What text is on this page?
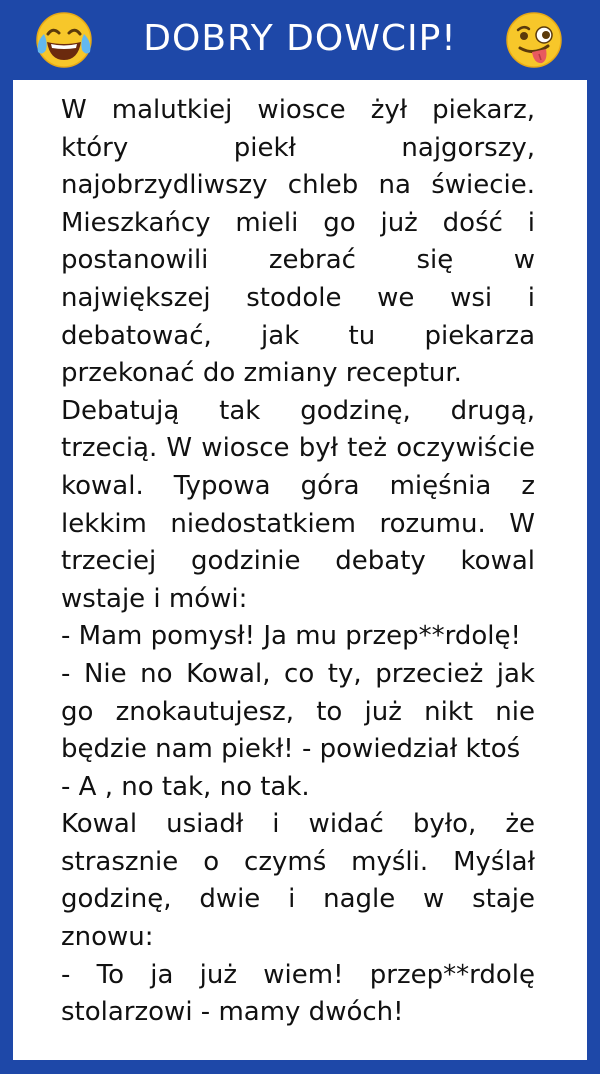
DOBRY DOWCIP!

W malutkiej wiosce żył piekarz, który piekł najgorszy, najobrzydliwszy chleb na świecie. Mieszkańcy mieli go już dość i postanowili zebrać się w największej stodole we wsi i debatować, jak tu piekarza przekonać do zmiany receptur.

Debatują tak godzinę, drugą, trzecią. W wiosce był też oczywiście kowal. Typowa góra mięśnia z lekkim niedostatkiem rozumu. W trzeciej godzinie debaty kowal wstaje i mówi:

- Mam pomysł! Ja mu przep**rdolę!

- Nie no Kowal, co ty, przecież jak go znokautujesz, to już nikt nie będzie nam piekł! - powiedział ktoś

- A , no tak, no tak.

Kowal usiadł i widać było, że strasznie o czymś myśli. Myślał godzinę, dwie i nagle w staje znowu:

- To ja już wiem! przep**rdolę stolarzowi - mamy dwóch!
